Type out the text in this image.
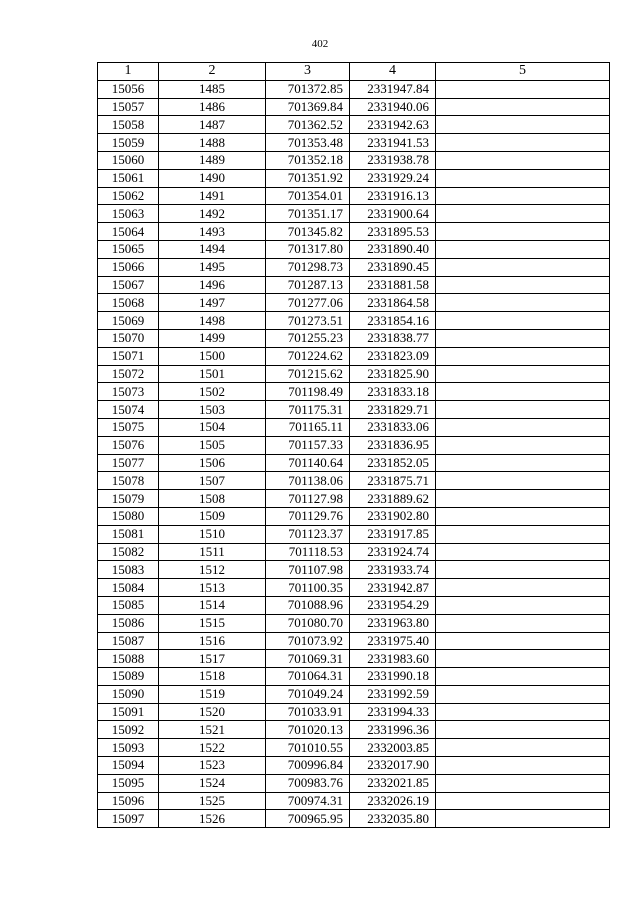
402
1	2	3	4	5
15056	1485	701372.85	2331947.84	
15057	1486	701369.84	2331940.06	
15058	1487	701362.52	2331942.63	
15059	1488	701353.48	2331941.53	
15060	1489	701352.18	2331938.78	
15061	1490	701351.92	2331929.24	
15062	1491	701354.01	2331916.13	
15063	1492	701351.17	2331900.64	
15064	1493	701345.82	2331895.53	
15065	1494	701317.80	2331890.40	
15066	1495	701298.73	2331890.45	
15067	1496	701287.13	2331881.58	
15068	1497	701277.06	2331864.58	
15069	1498	701273.51	2331854.16	
15070	1499	701255.23	2331838.77	
15071	1500	701224.62	2331823.09	
15072	1501	701215.62	2331825.90	
15073	1502	701198.49	2331833.18	
15074	1503	701175.31	2331829.71	
15075	1504	701165.11	2331833.06	
15076	1505	701157.33	2331836.95	
15077	1506	701140.64	2331852.05	
15078	1507	701138.06	2331875.71	
15079	1508	701127.98	2331889.62	
15080	1509	701129.76	2331902.80	
15081	1510	701123.37	2331917.85	
15082	1511	701118.53	2331924.74	
15083	1512	701107.98	2331933.74	
15084	1513	701100.35	2331942.87	
15085	1514	701088.96	2331954.29	
15086	1515	701080.70	2331963.80	
15087	1516	701073.92	2331975.40	
15088	1517	701069.31	2331983.60	
15089	1518	701064.31	2331990.18	
15090	1519	701049.24	2331992.59	
15091	1520	701033.91	2331994.33	
15092	1521	701020.13	2331996.36	
15093	1522	701010.55	2332003.85	
15094	1523	700996.84	2332017.90	
15095	1524	700983.76	2332021.85	
15096	1525	700974.31	2332026.19	
15097	1526	700965.95	2332035.80	
